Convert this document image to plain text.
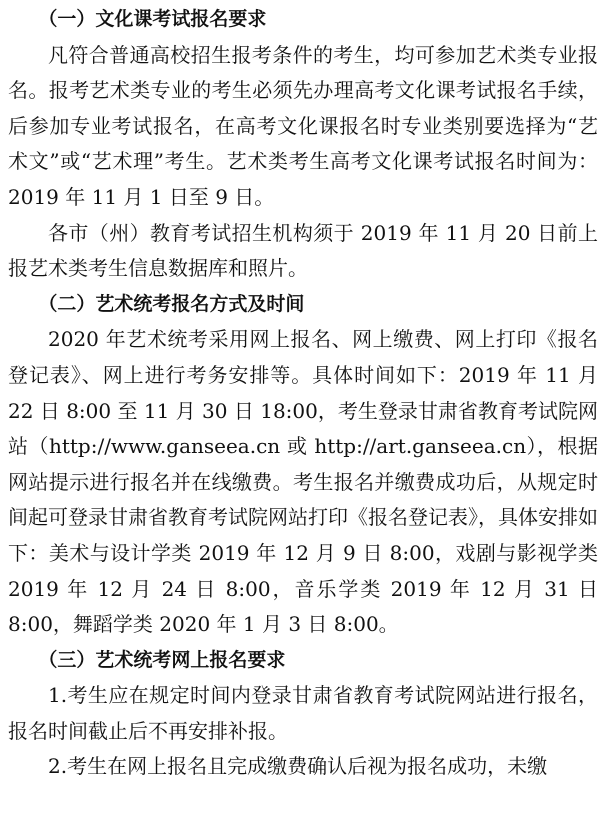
（一）文化课考试报名要求

凡符合普通高校招生报考条件的考生，均可参加艺术类专业报名。报考艺术类专业的考生必须先办理高考文化课考试报名手续，后参加专业考试报名，在高考文化课报名时专业类别要选择为“艺术文”或“艺术理”考生。艺术类考生高考文化课考试报名时间为：2019 年 11 月 1 日至 9 日。

各市（州）教育考试招生机构须于 2019 年 11 月 20 日前上报艺术类考生信息数据库和照片。

（二）艺术统考报名方式及时间

2020 年艺术统考采用网上报名、网上缴费、网上打印《报名登记表》、网上进行考务安排等。具体时间如下：2019 年 11 月 22 日 8:00 至 11 月 30 日 18:00，考生登录甘肃省教育考试院网站（http://www.ganseea.cn 或 http://art.ganseea.cn），根据网站提示进行报名并在线缴费。考生报名并缴费成功后，从规定时间起可登录甘肃省教育考试院网站打印《报名登记表》，具体安排如下：美术与设计学类 2019 年 12 月 9 日 8:00，戏剧与影视学类 2019 年 12 月 24 日 8:00，音乐学类 2019 年 12 月 31 日 8:00，舞蹈学类 2020 年 1 月 3 日 8:00。

（三）艺术统考网上报名要求

1.考生应在规定时间内登录甘肃省教育考试院网站进行报名，报名时间截止后不再安排补报。

2.考生在网上报名且完成缴费确认后视为报名成功，未缴
